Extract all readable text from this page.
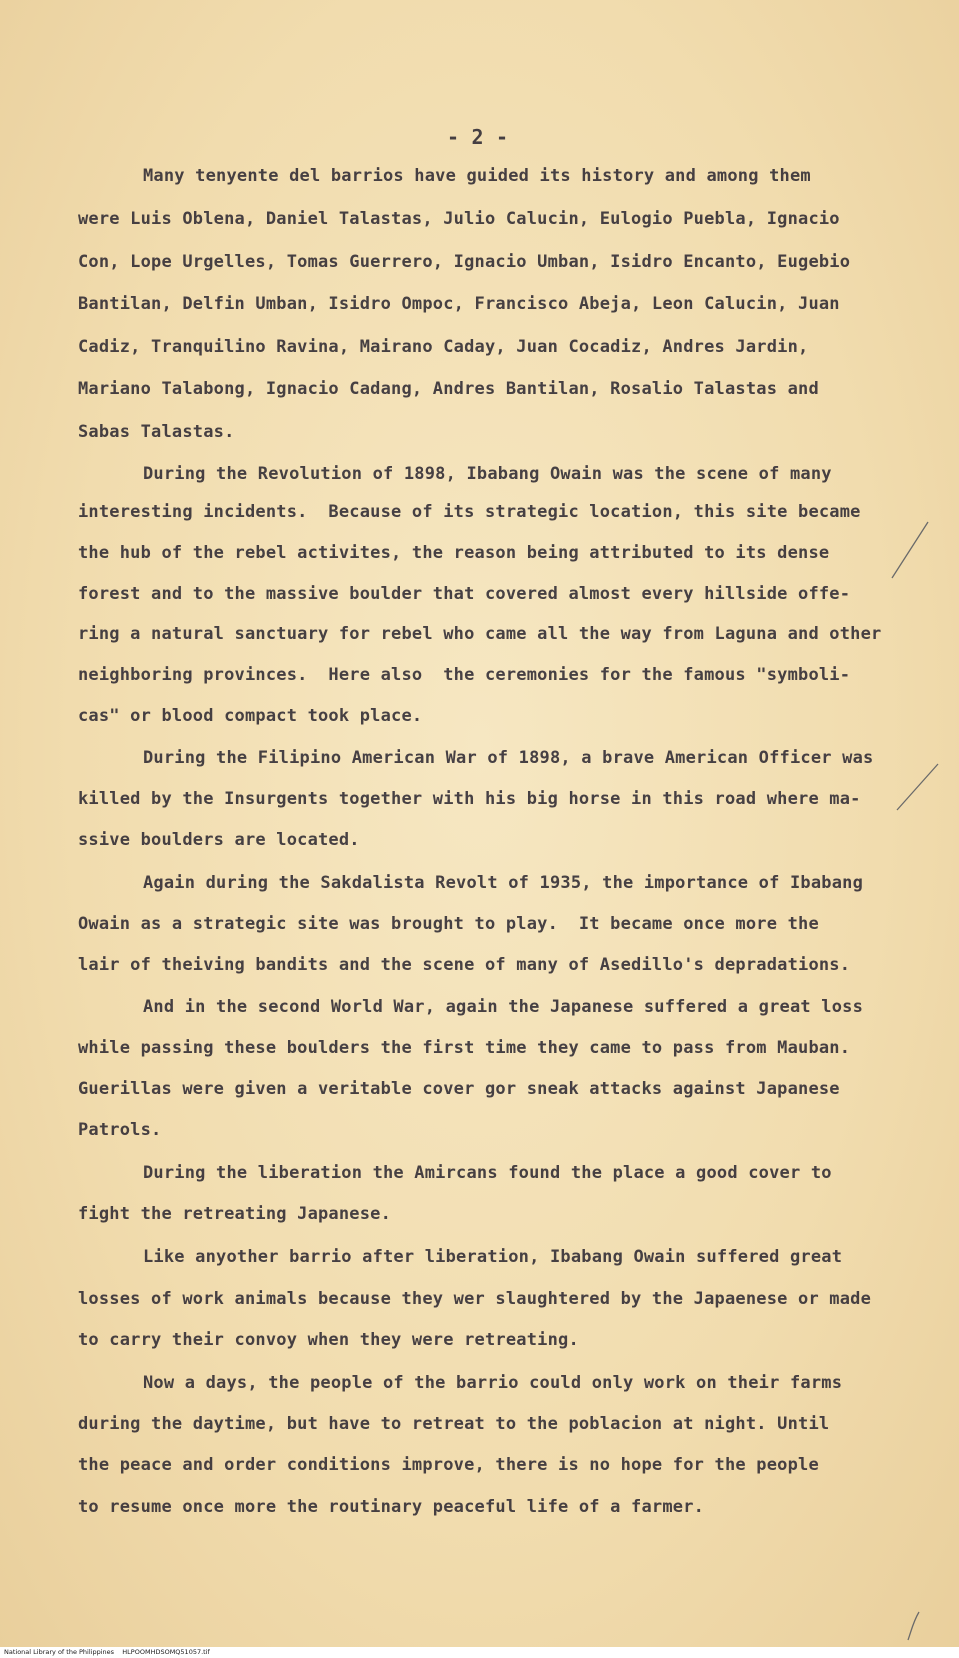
- 2 -
Many tenyente del barrios have guided its history and among them
were Luis Oblena, Daniel Talastas, Julio Calucin, Eulogio Puebla, Ignacio
Con, Lope Urgelles, Tomas Guerrero, Ignacio Umban, Isidro Encanto, Eugebio
Bantilan, Delfin Umban, Isidro Ompoc, Francisco Abeja, Leon Calucin, Juan
Cadiz, Tranquilino Ravina, Mairano Caday, Juan Cocadiz, Andres Jardin,
Mariano Talabong, Ignacio Cadang, Andres Bantilan, Rosalio Talastas and
Sabas Talastas.
During the Revolution of 1898, Ibabang Owain was the scene of many
interesting incidents.  Because of its strategic location, this site became
the hub of the rebel activites, the reason being attributed to its dense
forest and to the massive boulder that covered almost every hillside offe-
ring a natural sanctuary for rebel who came all the way from Laguna and other
neighboring provinces.  Here also  the ceremonies for the famous "symboli-
cas" or blood compact took place.
During the Filipino American War of 1898, a brave American Officer was
killed by the Insurgents together with his big horse in this road where ma-
ssive boulders are located.
Again during the Sakdalista Revolt of 1935, the importance of Ibabang
Owain as a strategic site was brought to play.  It became once more the
lair of theiving bandits and the scene of many of Asedillo's depradations.
And in the second World War, again the Japanese suffered a great loss
while passing these boulders the first time they came to pass from Mauban.
Guerillas were given a veritable cover gor sneak attacks against Japanese
Patrols.
During the liberation the Amircans found the place a good cover to
fight the retreating Japanese.
Like anyother barrio after liberation, Ibabang Owain suffered great
losses of work animals because they wer slaughtered by the Japaenese or made
to carry their convoy when they were retreating.
Now a days, the people of the barrio could only work on their farms
during the daytime, but have to retreat to the poblacion at night. Until
the peace and order conditions improve, there is no hope for the people
to resume once more the routinary peaceful life of a farmer.
National Library of the Philippines    HLPOOMHDSOMQ51057.tif
